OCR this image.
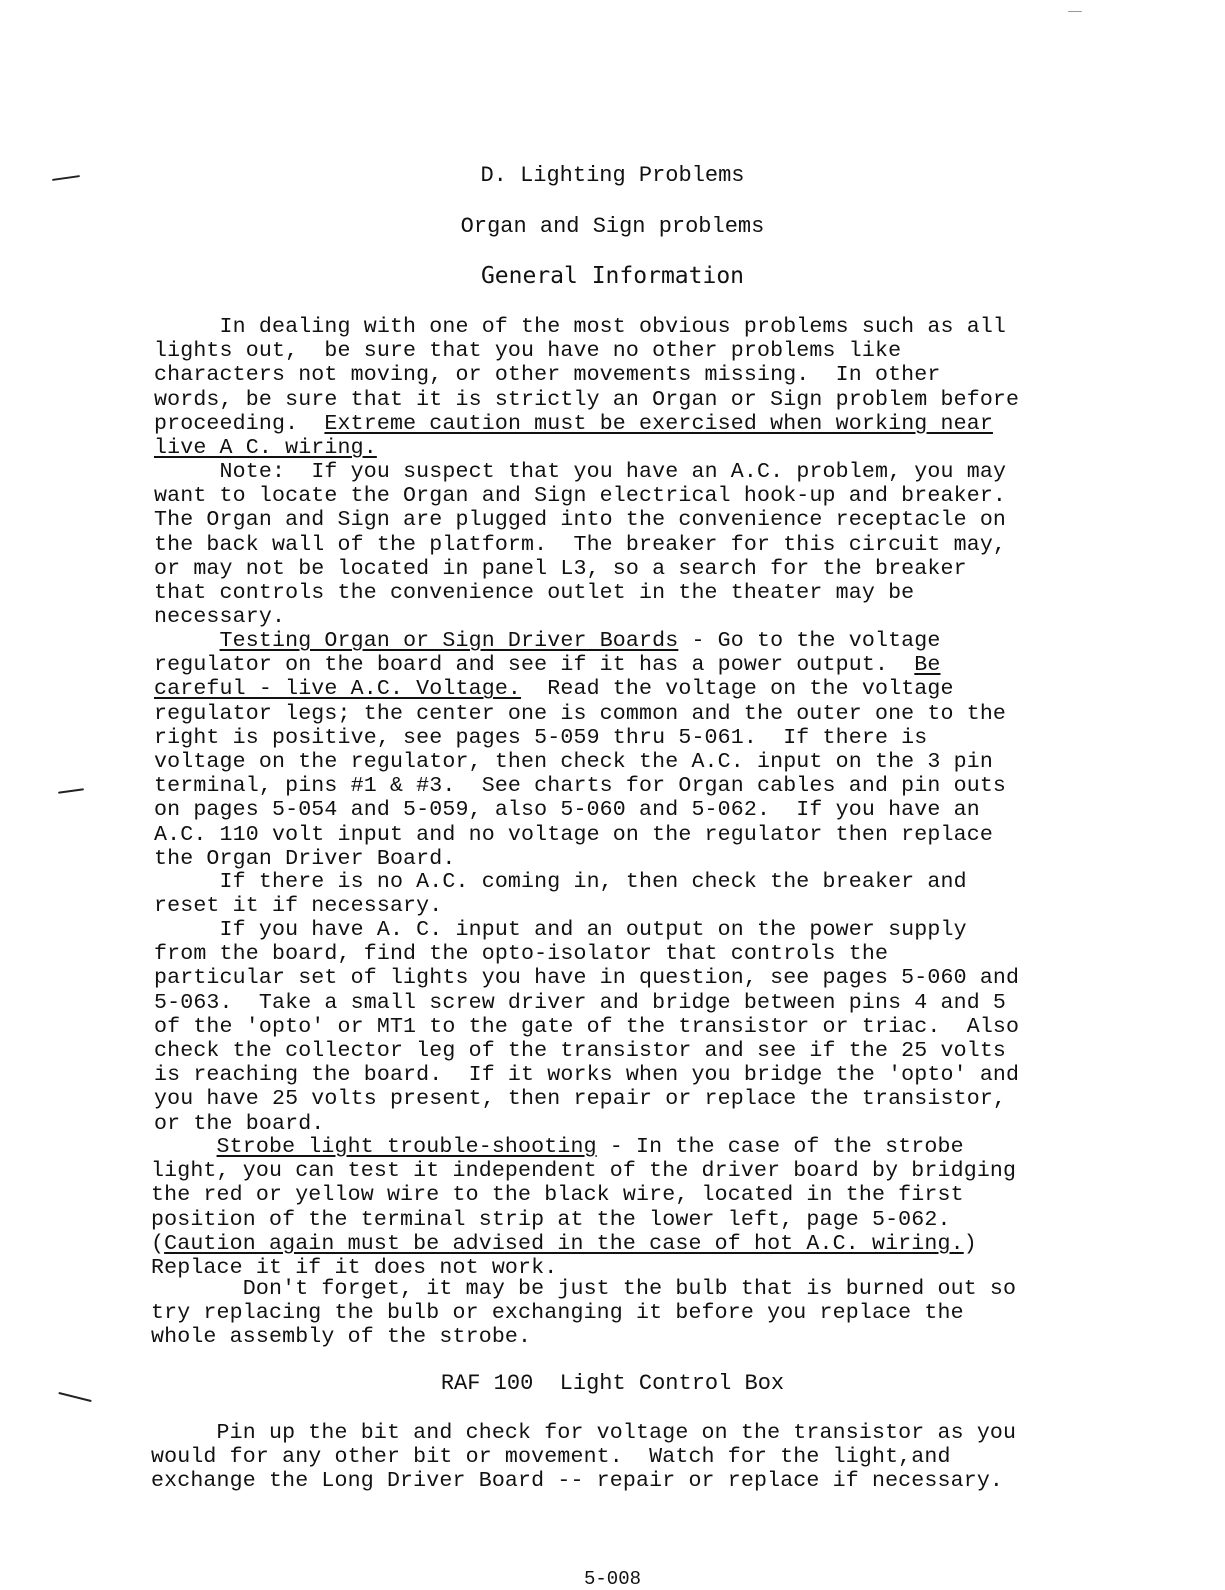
D. Lighting Problems
Organ and Sign problems
General Information
In dealing with one of the most obvious problems such as all
lights out,  be sure that you have no other problems like
characters not moving, or other movements missing.  In other
words, be sure that it is strictly an Organ or Sign problem before
proceeding.  Extreme caution must be exercised when working near
live A C. wiring.
Note:  If you suspect that you have an A.C. problem, you may
want to locate the Organ and Sign electrical hook-up and breaker.
The Organ and Sign are plugged into the convenience receptacle on
the back wall of the platform.  The breaker for this circuit may,
or may not be located in panel L3, so a search for the breaker
that controls the convenience outlet in the theater may be
necessary.
Testing Organ or Sign Driver Boards - Go to the voltage
regulator on the board and see if it has a power output.  Be
careful - live A.C. Voltage.  Read the voltage on the voltage
regulator legs; the center one is common and the outer one to the
right is positive, see pages 5-059 thru 5-061.  If there is
voltage on the regulator, then check the A.C. input on the 3 pin
terminal, pins #1 & #3.  See charts for Organ cables and pin outs
on pages 5-054 and 5-059, also 5-060 and 5-062.  If you have an
A.C. 110 volt input and no voltage on the regulator then replace
the Organ Driver Board.
If there is no A.C. coming in, then check the breaker and
reset it if necessary.
If you have A. C. input and an output on the power supply
from the board, find the opto-isolator that controls the
particular set of lights you have in question, see pages 5-060 and
5-063.  Take a small screw driver and bridge between pins 4 and 5
of the 'opto' or MT1 to the gate of the transistor or triac.  Also
check the collector leg of the transistor and see if the 25 volts
is reaching the board.  If it works when you bridge the 'opto' and
you have 25 volts present, then repair or replace the transistor,
or the board.
Strobe light trouble-shooting - In the case of the strobe
light, you can test it independent of the driver board by bridging
the red or yellow wire to the black wire, located in the first
position of the terminal strip at the lower left, page 5-062.
(Caution again must be advised in the case of hot A.C. wiring.)
Replace it if it does not work.
Don't forget, it may be just the bulb that is burned out so
try replacing the bulb or exchanging it before you replace the
whole assembly of the strobe.
RAF 100  Light Control Box
Pin up the bit and check for voltage on the transistor as you
would for any other bit or movement.  Watch for the light,and
exchange the Long Driver Board -- repair or replace if necessary.
5-008
